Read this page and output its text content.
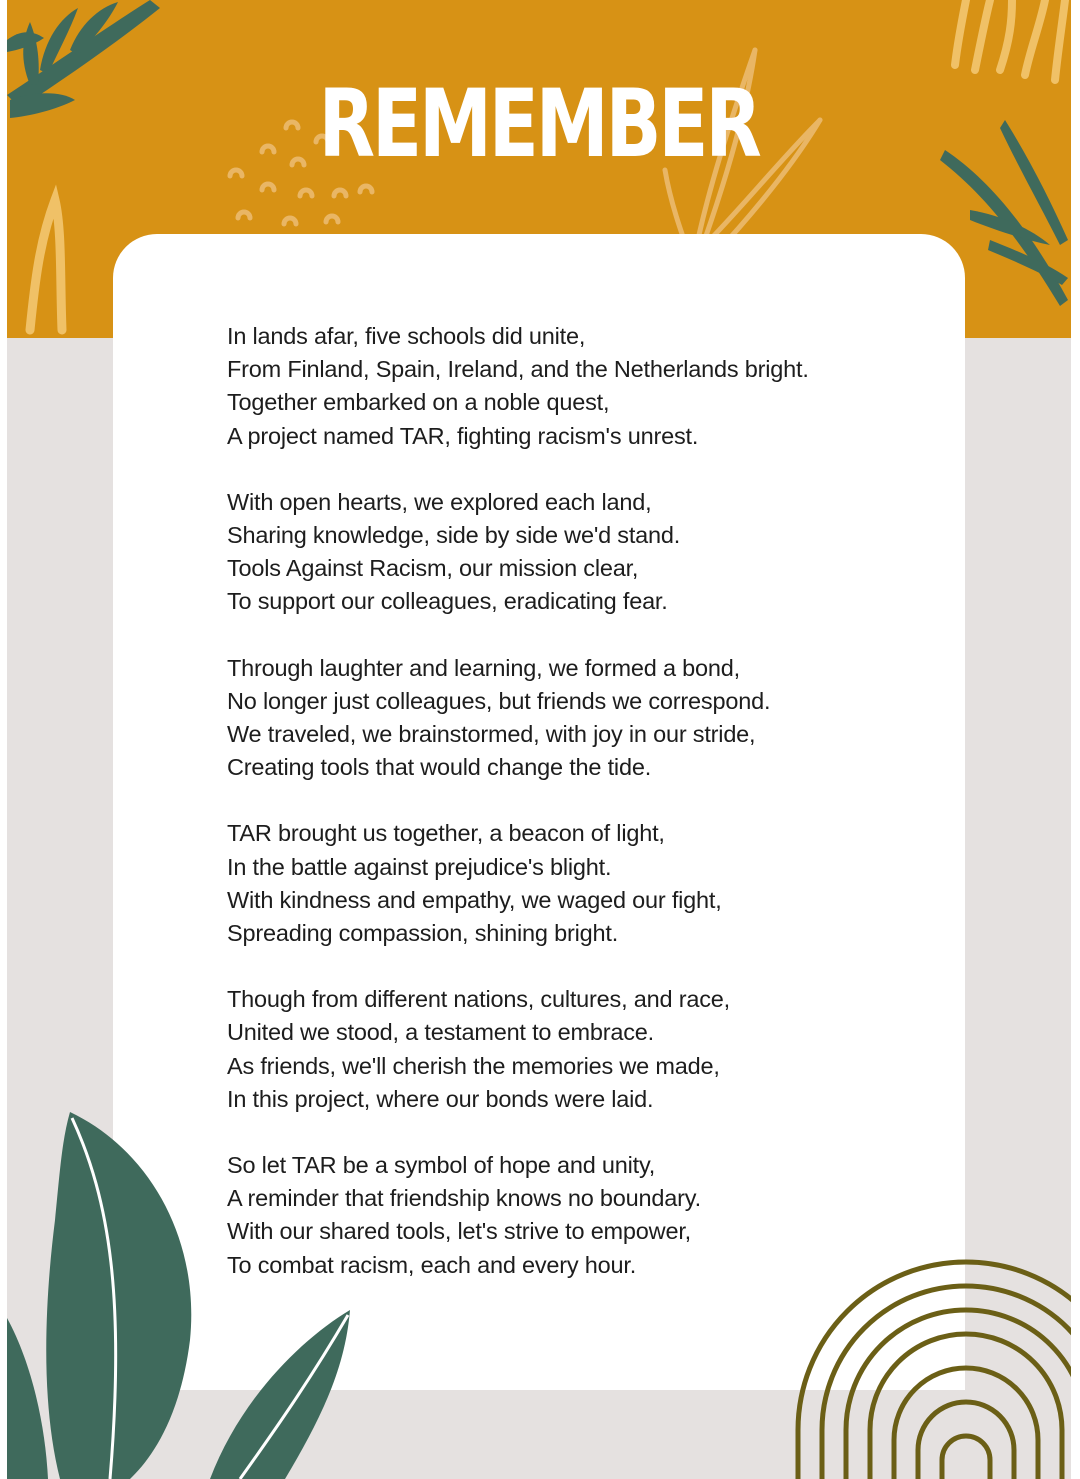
REMEMBER
In lands afar, five schools did unite,
From Finland, Spain, Ireland, and the Netherlands bright.
Together embarked on a noble quest,
A project named TAR, fighting racism's unrest.
With open hearts, we explored each land,
Sharing knowledge, side by side we'd stand.
Tools Against Racism, our mission clear,
To support our colleagues, eradicating fear.
Through laughter and learning, we formed a bond,
No longer just colleagues, but friends we correspond.
We traveled, we brainstormed, with joy in our stride,
Creating tools that would change the tide.
TAR brought us together, a beacon of light,
In the battle against prejudice's blight.
With kindness and empathy, we waged our fight,
Spreading compassion, shining bright.
Though from different nations, cultures, and race,
United we stood, a testament to embrace.
As friends, we'll cherish the memories we made,
In this project, where our bonds were laid.
So let TAR be a symbol of hope and unity,
A reminder that friendship knows no boundary.
With our shared tools, let's strive to empower,
To combat racism, each and every hour.
